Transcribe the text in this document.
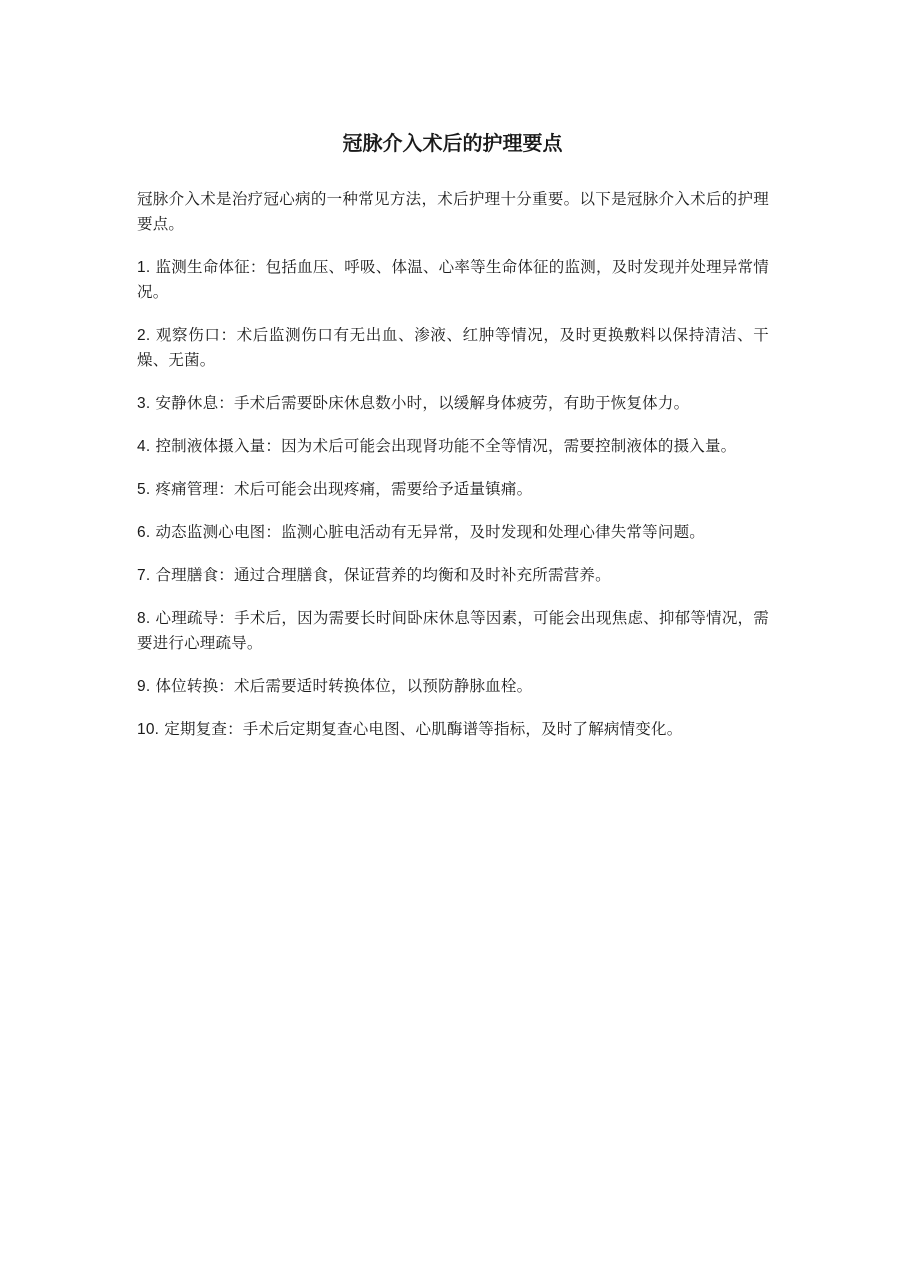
冠脉介入术后的护理要点

冠脉介入术是治疗冠心病的一种常见方法，术后护理十分重要。以下是冠脉介入术后的护理要点。

1. 监测生命体征：包括血压、呼吸、体温、心率等生命体征的监测，及时发现并处理异常情况。

2. 观察伤口：术后监测伤口有无出血、渗液、红肿等情况，及时更换敷料以保持清洁、干燥、无菌。

3. 安静休息：手术后需要卧床休息数小时，以缓解身体疲劳，有助于恢复体力。

4. 控制液体摄入量：因为术后可能会出现肾功能不全等情况，需要控制液体的摄入量。

5. 疼痛管理：术后可能会出现疼痛，需要给予适量镇痛。

6. 动态监测心电图：监测心脏电活动有无异常，及时发现和处理心律失常等问题。

7. 合理膳食：通过合理膳食，保证营养的均衡和及时补充所需营养。

8. 心理疏导：手术后，因为需要长时间卧床休息等因素，可能会出现焦虑、抑郁等情况，需要进行心理疏导。

9. 体位转换：术后需要适时转换体位，以预防静脉血栓。

10. 定期复查：手术后定期复查心电图、心肌酶谱等指标，及时了解病情变化。
